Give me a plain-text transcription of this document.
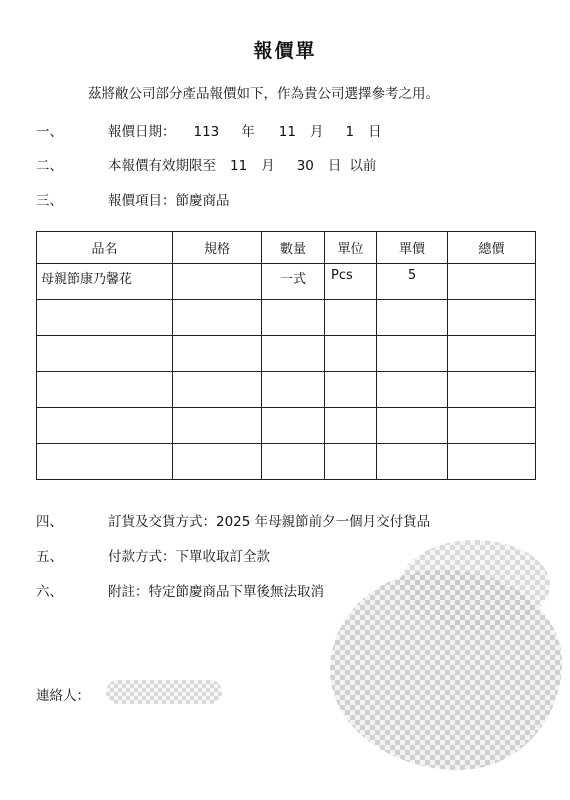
報價單
茲將敝公司部分產品報價如下，作為貴公司選擇參考之用。
一、	報價日期： 113 年 11 月 1 日
二、	本報價有效期限至 11 月 30 日 以前
三、	報價項目：節慶商品
品名	規格	數量	單位	單價	總價
母親節康乃馨花		一式	Pcs	5	

四、	訂貨及交貨方式：2025 年母親節前夕一個月交付貨品
五、	付款方式：下單收取訂全款
六、	附註：特定節慶商品下單後無法取消
連絡人：
